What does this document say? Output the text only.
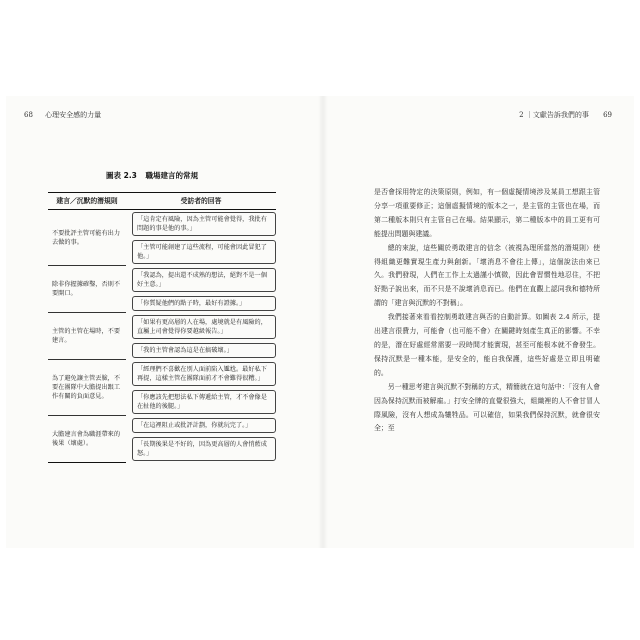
68 心理安全感的力量	2 ｜文獻告訴我們的事 69
圖表 2.3 職場建言的常規
建言／沉默的潛規則	受訪者的回答
不要批評主管可能有出力去做的事。	「這肯定有風險，因為主管可能會覺得，我批有問題的事是他的事。」

	「主管可能創建了這些流程，可能會因此冒犯了他。」

除非你握據確鑿，否則不要開口。	「我認為，提出還不成熟的想法，絕對不是一個好主意。」

	「你質疑他們的點子時，最好有證據。」

主管的主管在場時，不要建言。	「如果有更高層的人在場，處境就是有風險的，直屬上司會覺得你要越級報告。」

	「我的主管會認為這是在搞破壞。」

為了避免讓主管丟臉，不要在團隊中大膽提出跟工作有關的負面意見。	「經理們不喜歡在別人面前陷入尷尬。最好私下再提，這樣主管在團隊面前才不會難得很糟。」

	「你應該先把想法私下傳遞給主管，才不會像是在扯他的後腿。」

大膽建言會為職涯帶來的後果（壞處）。	「在這裡阻止或批評計劃，你就玩完了。」

	「長期後果是不好的，因為更高層的人會悄藍成怒。」

是否會採用特定的決策原則，例如，有一個虛擬情境涉及某員工想跟主管分享一項重要修正；這個虛擬情境的版本之一，是主管的主管也在場，而第二種版本則只有主管自己在場。結果顯示，第二種版本中的員工更有可能提出問題與建議。

總的來說，這些關於勇敢建言的信念（被視為理所當然的潛規則）使得組織更難實現生產力與創新。「壞消息不會往上傳」，這個說法由來已久。我們發現，人們在工作上太過謹小慎微，因此會習慣性地忍住，不把好點子說出來，而不只是不說壞消息而已。他們在直觀上認同我和德特所謂的「建言與沉默的不對稱」。

我們接著來看看控制勇敢建言與否的自動計算。如圖表 2.4 所示，提出建言很費力，可能會（也可能不會）在關鍵時刻產生真正的影響。不幸的是，潛在好處經常需要一段時間才能實現，甚至可能根本就不會發生。保持沉默是一種本能，是安全的，能自我保護，這些好處是立即且明確的。

另一種思考建言與沉默不對稱的方式，精簡就在這句話中：「沒有人會因為保持沉默而被解雇。」打安全牌的直覺很強大，組織裡的人不會甘冒人際風險，沒有人想成為犧牲品。可以確信，如果我們保持沉默，就會很安全；至
